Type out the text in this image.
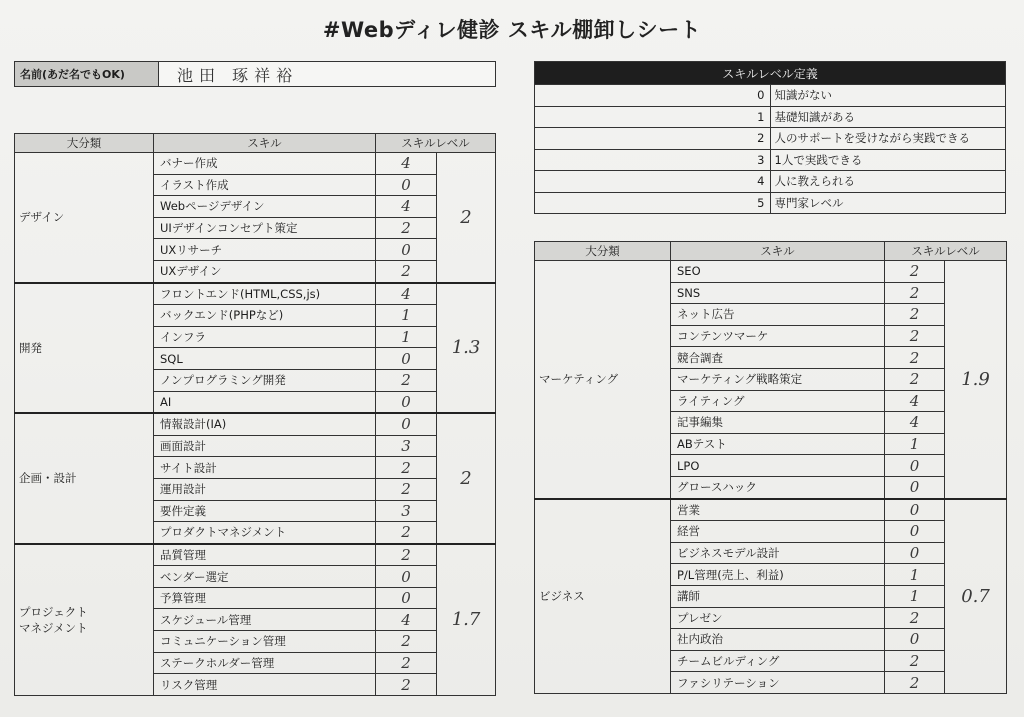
#Webディレ健診 スキル棚卸しシート
名前(あだ名でもOK)	池田 琢祥裕
大分類	スキル	スキルレベル	
デザイン	バナー作成	4	2
	イラスト作成	0	
	Webページデザイン	4	
	UIデザインコンセプト策定	2	
	UXリサーチ	0	
	UXデザイン	2	
開発	フロントエンド(HTML,CSS,js)	4	1.3
	バックエンド(PHPなど)	1	
	インフラ	1	
	SQL	0	
	ノンプログラミング開発	2	
	AI	0	
企画・設計	情報設計(IA)	0	2
	画面設計	3	
	サイト設計	2	
	運用設計	2	
	要件定義	3	
	プロダクトマネジメント	2	
プロジェクト
マネジメント	品質管理	2	1.7
	ベンダー選定	0	
	予算管理	0	
	スケジュール管理	4	
	コミュニケーション管理	2	
	ステークホルダー管理	2	
	リスク管理	2	
スキルレベル定義	
0	知識がない
1	基礎知識がある
2	人のサポートを受けながら実践できる
3	1人で実践できる
4	人に教えられる
5	専門家レベル
大分類	スキル	スキルレベル	
マーケティング	SEO	2	1.9
	SNS	2	
	ネット広告	2	
	コンテンツマーケ	2	
	競合調査	2	
	マーケティング戦略策定	2	
	ライティング	4	
	記事編集	4	
	ABテスト	1	
	LPO	0	
	グロースハック	0	
ビジネス	営業	0	0.7
	経営	0	
	ビジネスモデル設計	0	
	P/L管理(売上、利益)	1	
	講師	1	
	プレゼン	2	
	社内政治	0	
	チームビルディング	2	
	ファシリテーション	2	
